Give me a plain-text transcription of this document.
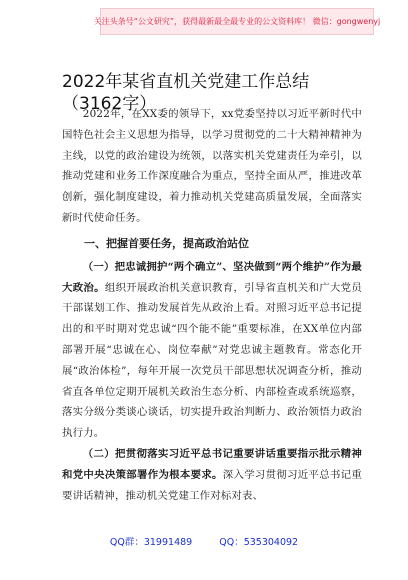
关注头条号“公文研究”，获得最新最全最专业的公文资料库！ 微信：gongwenyj
2022年某省直机关党建工作总结（3162字）

2022年，在XX委的领导下，xx党委坚持以习近平新时代中国特色社会主义思想为指导，以学习贯彻党的二十大精神精神为主线，以党的政治建设为统领，以落实机关党建责任为牵引，以推动党建和业务工作深度融合为重点，坚持全面从严，推进改革创新，强化制度建设，着力推动机关党建高质量发展，全面落实新时代使命任务。

一、把握首要任务，提高政治站位

（一）把忠诚拥护“两个确立”、坚决做到“两个维护”作为最大政治。组织开展政治机关意识教育，引导省直机关和广大党员干部谋划工作、推动发展首先从政治上看。对照习近平总书记提出的和平时期对党忠诚“四个能不能”重要标准，在XX单位内部部署开展“忠诚在心、岗位奉献”对党忠诚主题教育。常态化开展“政治体检”，每年开展一次党员干部思想状况调查分析，推动省直各单位定期开展机关政治生态分析、内部检查或系统巡察，落实分级分类谈心谈话，切实提升政治判断力、政治领悟力政治执行力。

（二）把贯彻落实习近平总书记重要讲话重要指示批示精神和党中央决策部署作为根本要求。深入学习贯彻习近平总书记重要讲话精神，推动机关党建工作对标对表、

QQ群：31991489	QQ：535304092
